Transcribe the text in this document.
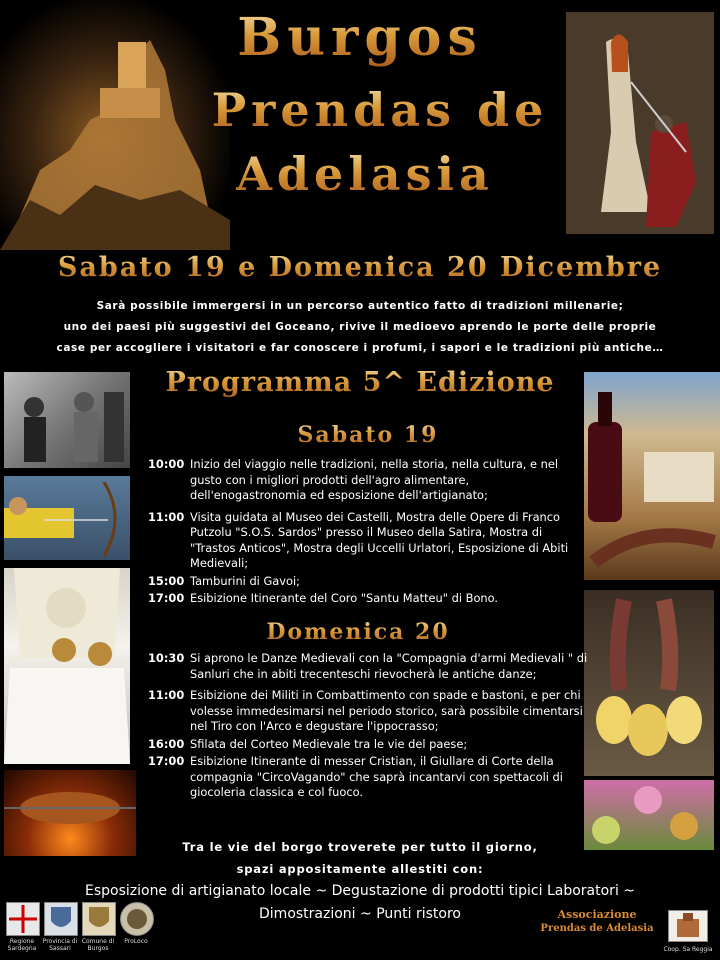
Burgos
Prendas de
Adelasia
Sabato 19 e Domenica 20 Dicembre
Sarà possibile immergersi in un percorso autentico fatto di tradizioni millenarie;
uno dei paesi più suggestivi del Goceano, rivive il medioevo aprendo le porte delle proprie
case per accogliere i visitatori e far conoscere i profumi, i sapori e le tradizioni più antiche…
Programma 5^ Edizione
Sabato 19
10:00 Inizio del viaggio nelle tradizioni, nella storia, nella cultura, e nel gusto con i migliori prodotti dell'agro alimentare, dell'enogastronomia ed esposizione dell'artigianato;
11:00 Visita guidata al Museo dei Castelli, Mostra delle Opere di Franco Putzolu "S.O.S. Sardos" presso il Museo della Satira, Mostra di "Trastos Anticos", Mostra degli Uccelli Urlatori, Esposizione di Abiti Medievali;
15:00 Tamburini di Gavoi;
17:00 Esibizione Itinerante del Coro "Santu Matteu" di Bono.
Domenica 20
10:30 Si aprono le Danze Medievali con la "Compagnia d'armi Medievali " di Sanluri che in abiti trecenteschi rievocherà le antiche danze;
11:00 Esibizione dei Militi in Combattimento con spade e bastoni, e per chi volesse immedesimarsi nel periodo storico, sarà possibile cimentarsi nel Tiro con l'Arco e degustare l'ippocrasso;
16:00 Sfilata del Corteo Medievale tra le vie del paese;
17:00 Esibizione Itinerante di messer Cristian, il Giullare di Corte della compagnia "CircoVagando" che saprà incantarvi con spettacoli di giocoleria classica e col fuoco.
Tra le vie del borgo troverete per tutto il giorno,
spazi appositamente allestiti con:
Esposizione di artigianato locale ~ Degustazione di prodotti tipici Laboratori ~
Dimostrazioni ~ Punti ristoro
Regione Sardegna
Provincia di Sassari
Comune di Burgos
ProLoco
Associazione
Prendas de Adelasia
Coop. Sa Reggia
